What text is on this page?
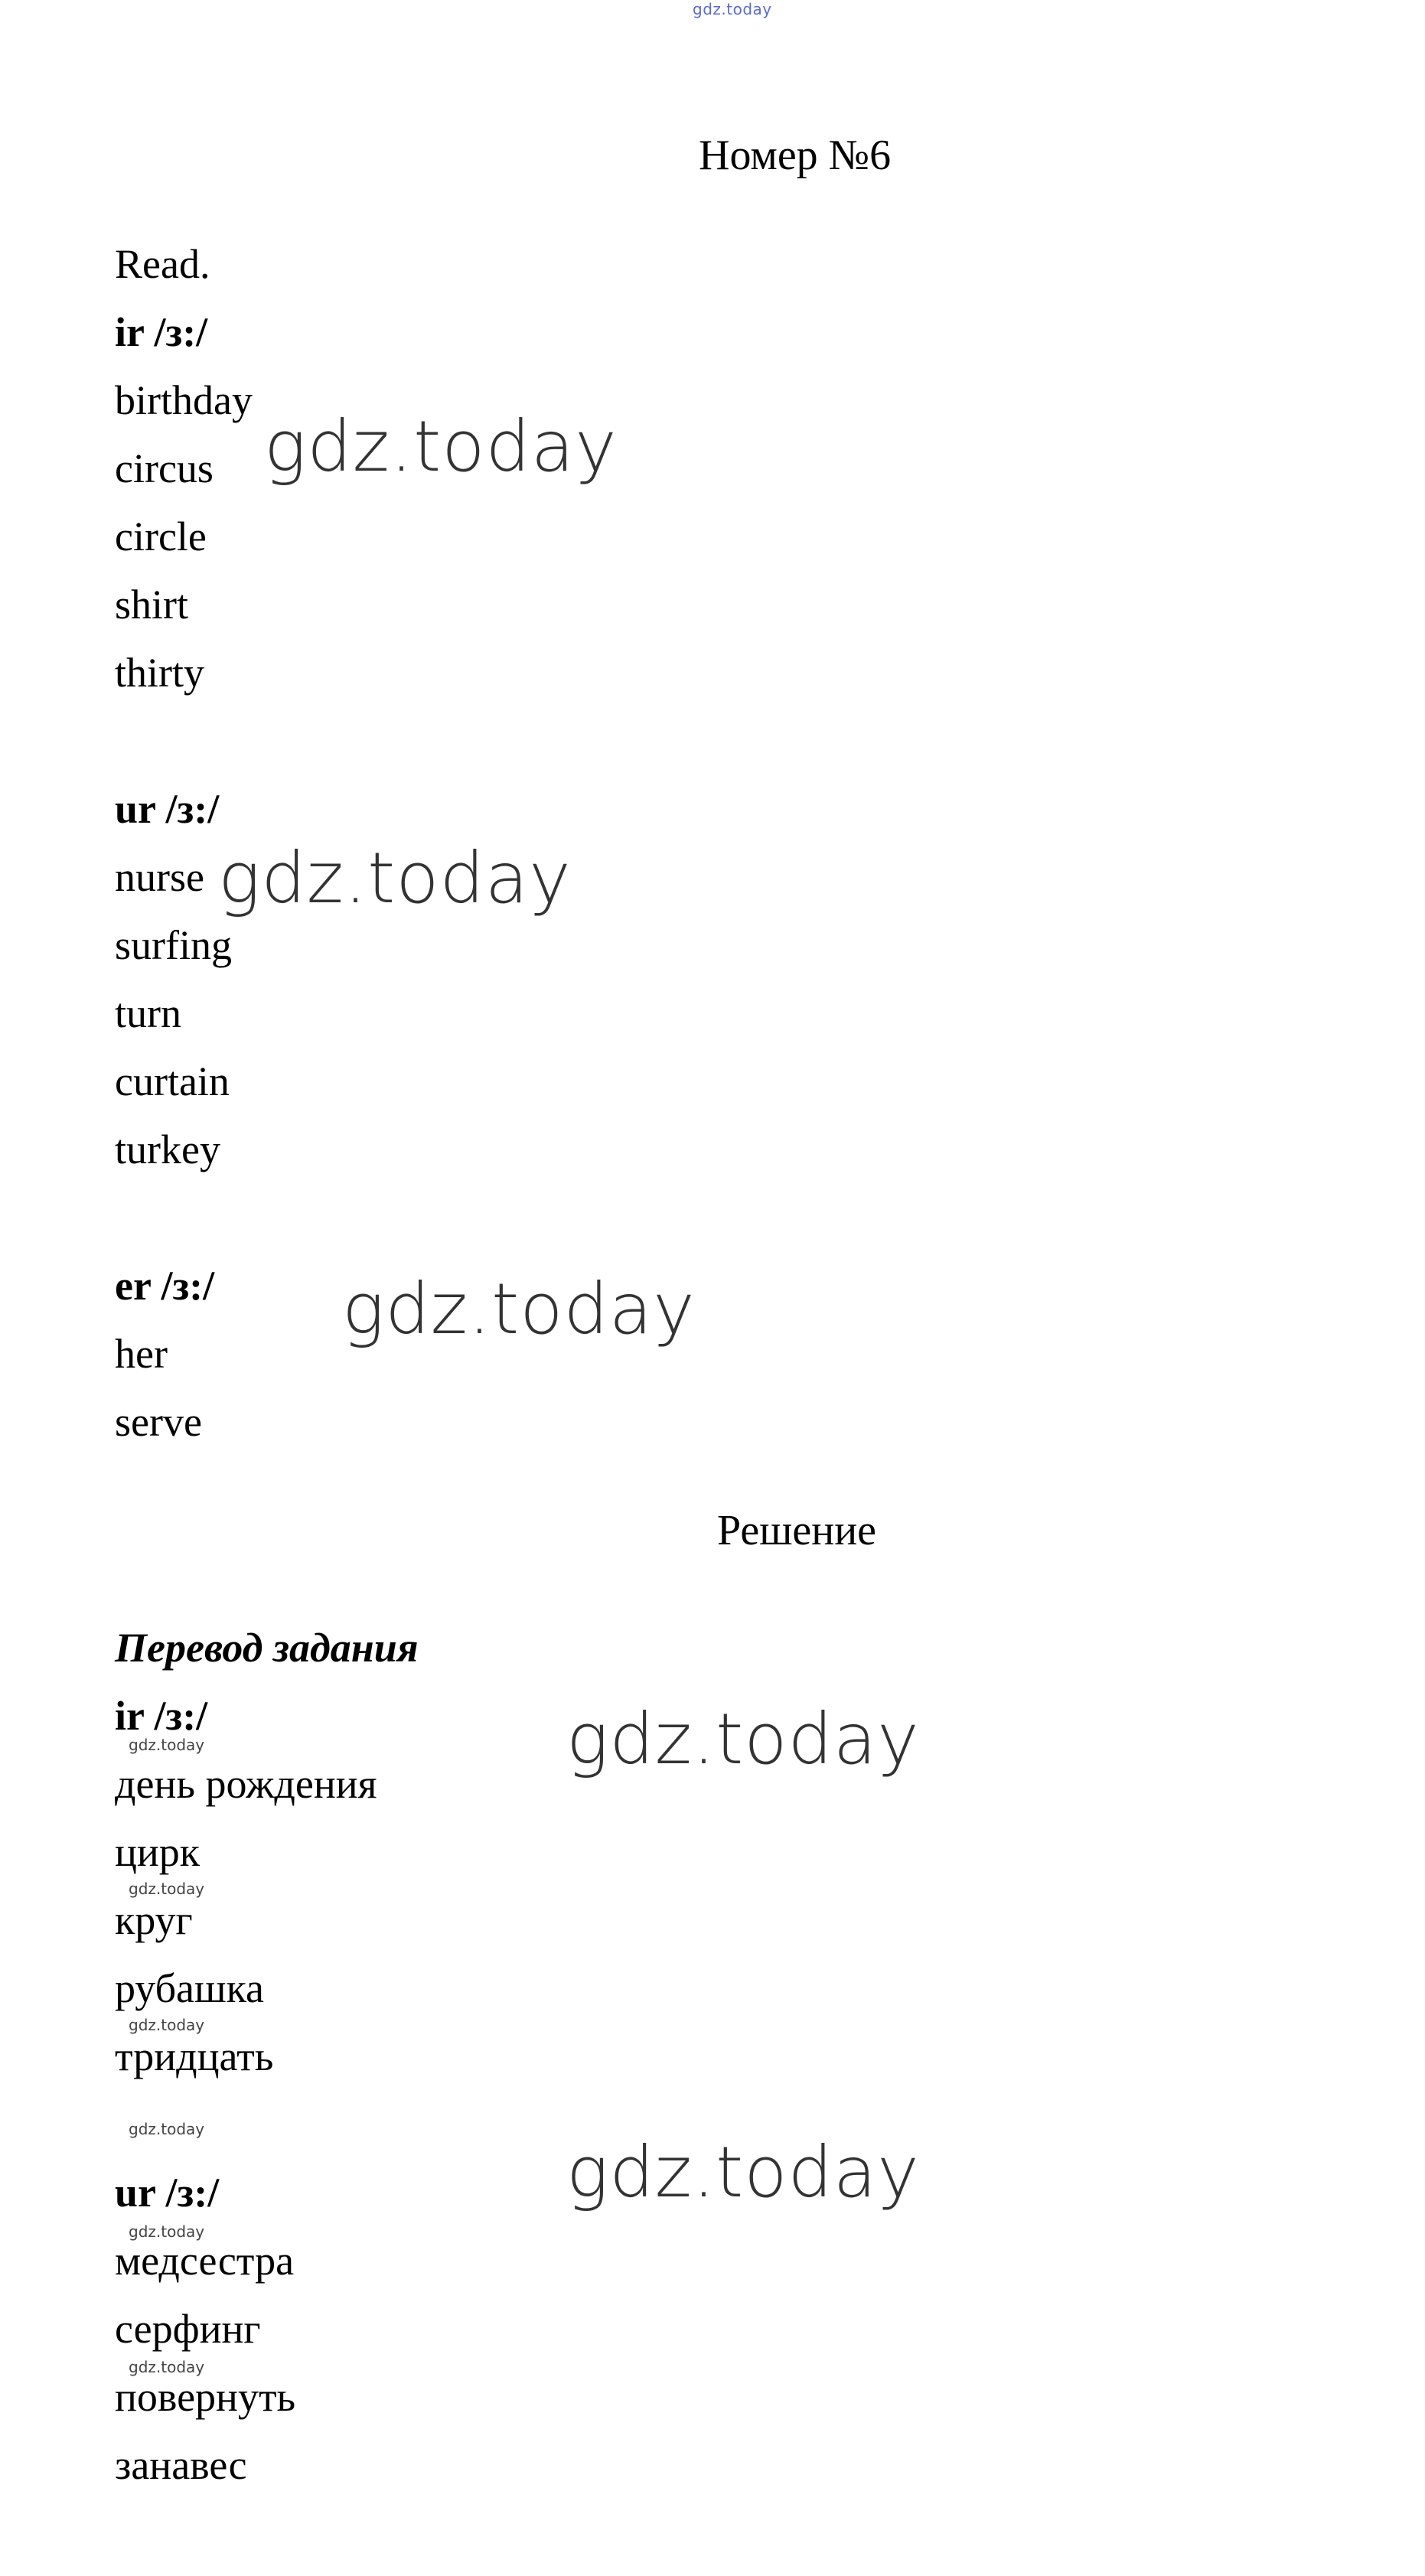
gdz.today
Номер №6
Read.
ir /з:/
birthday
circus
circle
shirt
thirty
ur /з:/
nurse
surfing
turn
curtain
turkey
er /з:/
her
serve
Решение
Перевод задания
ir /з:/
день рождения
цирк
круг
рубашка
тридцать
ur /з:/
медсестра
серфинг
повернуть
занавес
gdz.today
gdz.today
gdz.today
gdz.today
gdz.today
gdz.today
gdz.today
gdz.today
gdz.today
gdz.today
gdz.today
